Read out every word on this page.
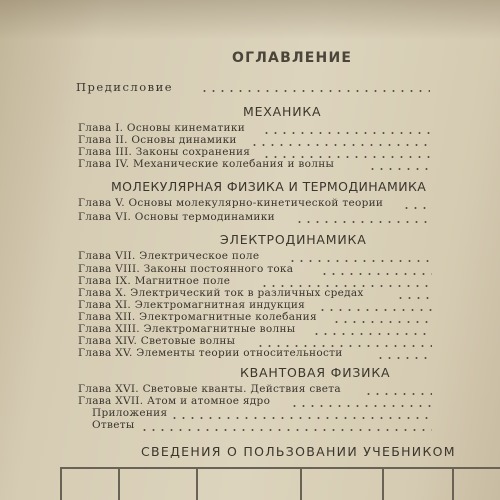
ОГЛАВЛЕНИЕ
Предисловие
МЕХАНИКА
Глава I. Основы кинематики
Глава II. Основы динамики
Глава III. Законы сохранения
Глава IV. Механические колебания и волны
МОЛЕКУЛЯРНАЯ ФИЗИКА И ТЕРМОДИНАМИКА
Глава V. Основы молекулярно-кинетической теории
Глава VI. Основы термодинамики
ЭЛЕКТРОДИНАМИКА
Глава VII. Электрическое поле
Глава VIII. Законы постоянного тока
Глава IX. Магнитное поле
Глава X. Электрический ток в различных средах
Глава XI. Электромагнитная индукция
Глава XII. Электромагнитные колебания
Глава XIII. Электромагнитные волны
Глава XIV. Световые волны
Глава XV. Элементы теории относительности
КВАНТОВАЯ ФИЗИКА
Глава XVI. Световые кванты. Действия света
Глава XVII. Атом и атомное ядро
Приложения
Ответы
СВЕДЕНИЯ О ПОЛЬЗОВАНИИ УЧЕБНИКОМ
